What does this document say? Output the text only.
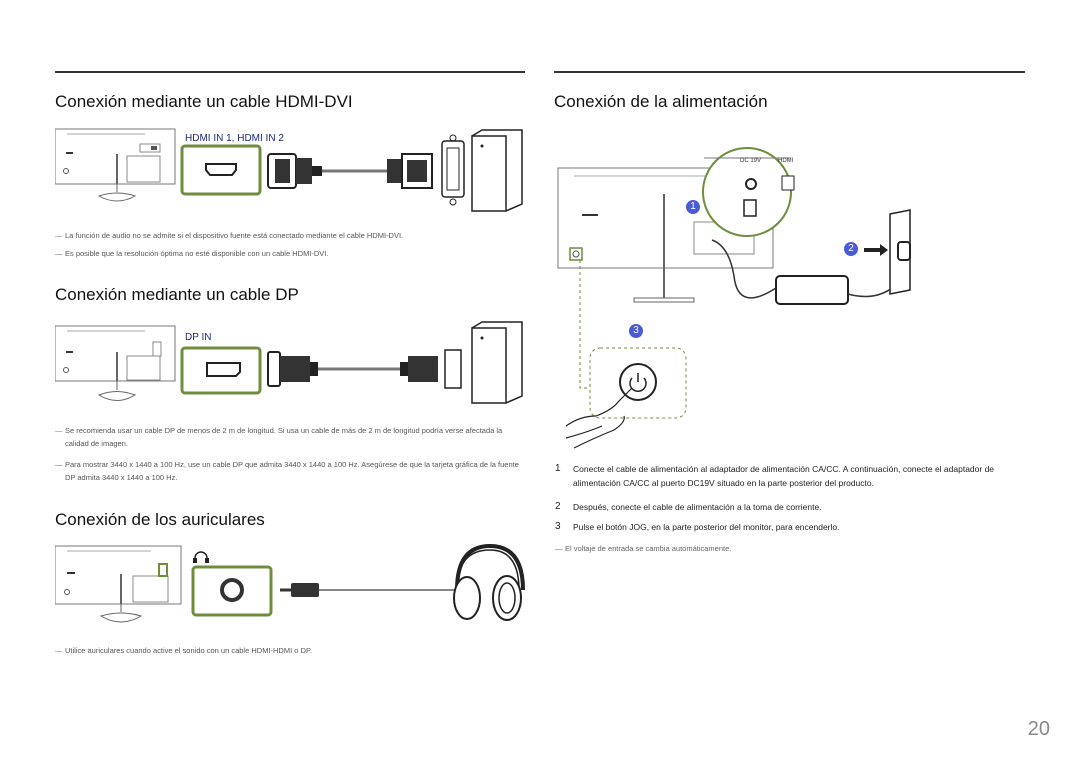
Conexión mediante un cable HDMI-DVI
HDMI IN 1, HDMI IN 2
― La función de audio no se admite si el dispositivo fuente está conectado mediante el cable HDMI-DVI.
― Es posible que la resolución óptima no esté disponible con un cable HDMI-DVI.
Conexión mediante un cable DP
DP IN
― Se recomienda usar un cable DP de menos de 2 m de longitud. Si usa un cable de más de 2 m de longitud podría verse afectada la calidad de imagen.
― Para mostrar 3440 x 1440 a 100 Hz, use un cable DP que admita 3440 x 1440 a 100 Hz. Asegúrese de que la tarjeta gráfica de la fuente DP admita 3440 x 1440 a 100 Hz.
Conexión de los auriculares
― Utilice auriculares cuando active el sonido con un cable HDMI-HDMI o DP.
Conexión de la alimentación
DC 19V	HDMI
1
2
3
1 Conecte el cable de alimentación al adaptador de alimentación CA/CC. A continuación, conecte el adaptador de alimentación CA/CC al puerto DC19V situado en la parte posterior del producto.
2 Después, conecte el cable de alimentación a la toma de corriente.
3 Pulse el botón JOG, en la parte posterior del monitor, para encenderlo.
― El voltaje de entrada se cambia automáticamente.
20
